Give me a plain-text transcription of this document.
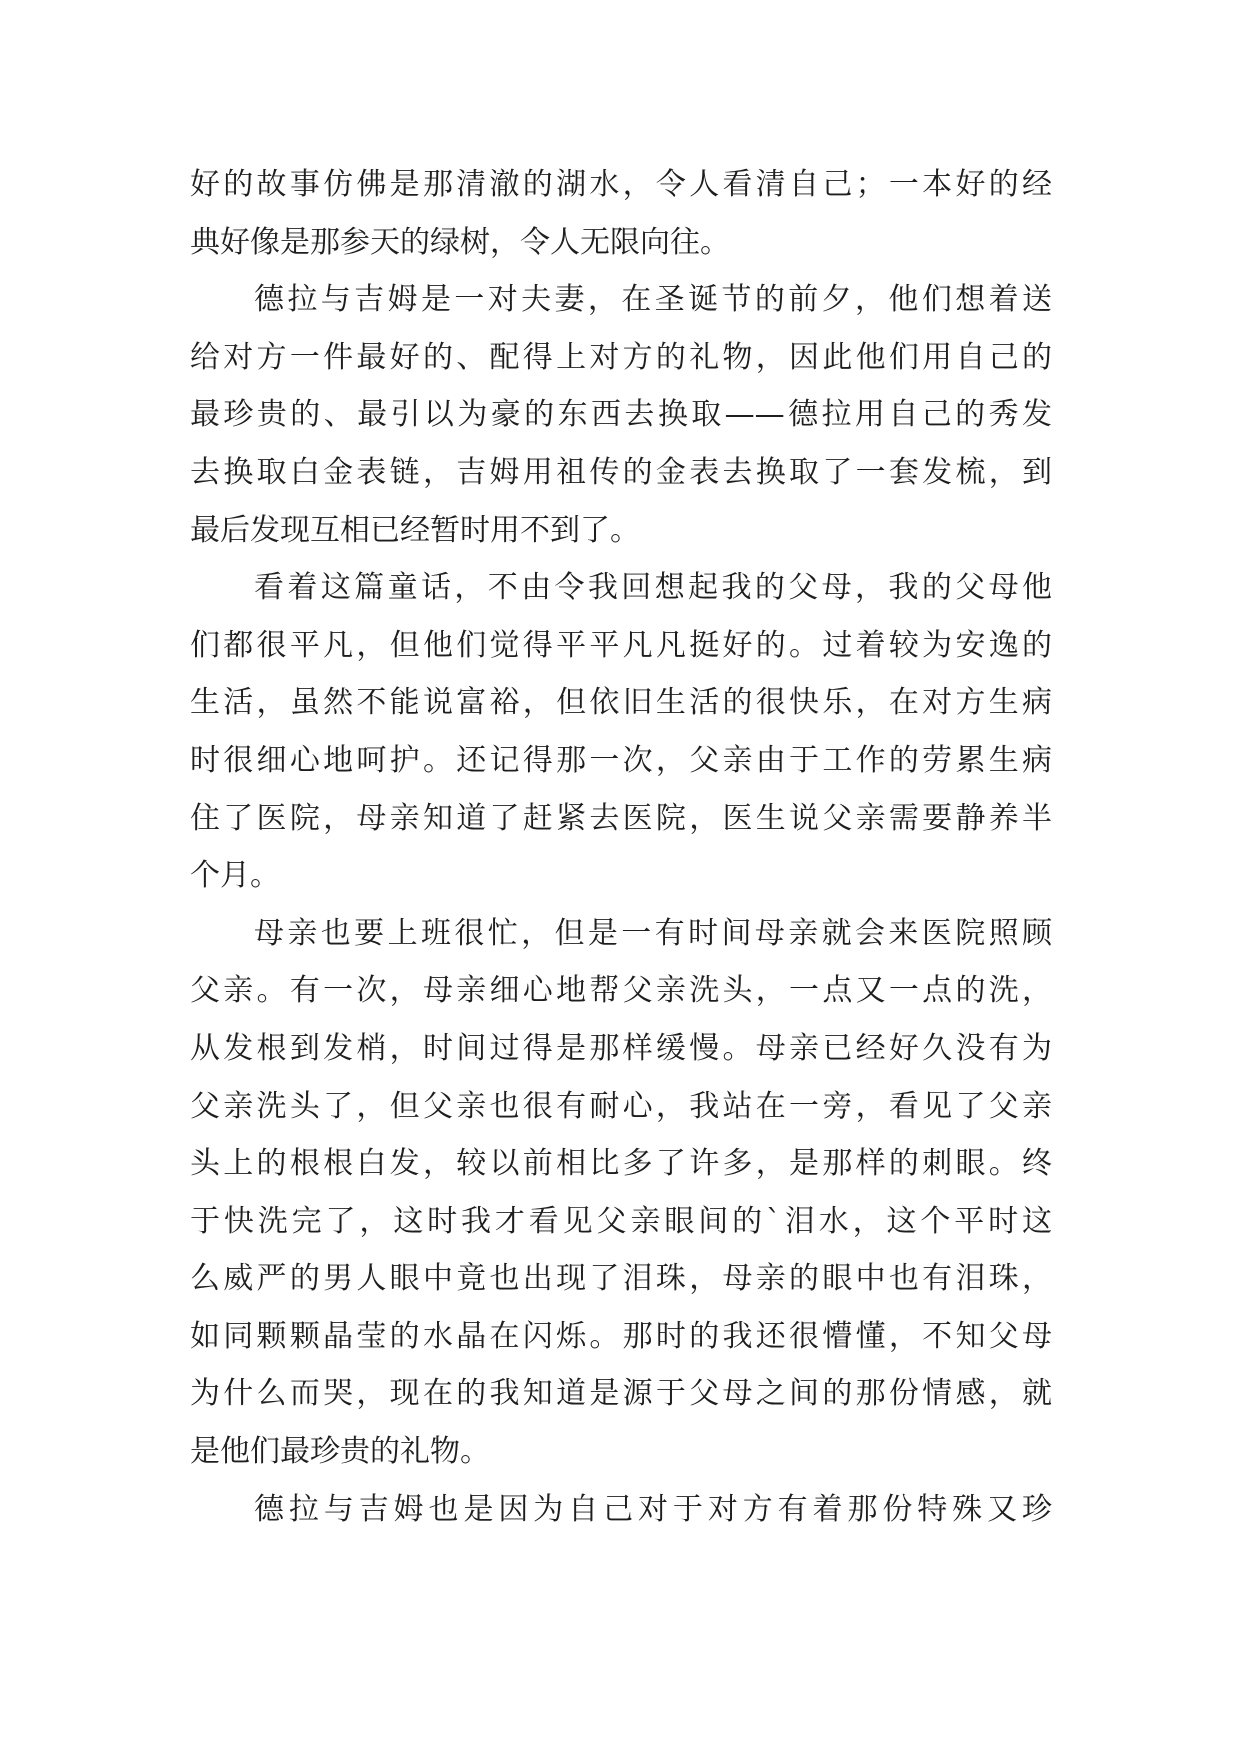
好的故事仿佛是那清澈的湖水，令人看清自己；一本好的经
典好像是那参天的绿树，令人无限向往。
德拉与吉姆是一对夫妻，在圣诞节的前夕，他们想着送
给对方一件最好的、配得上对方的礼物，因此他们用自己的
最珍贵的、最引以为豪的东西去换取——德拉用自己的秀发
去换取白金表链，吉姆用祖传的金表去换取了一套发梳，到
最后发现互相已经暂时用不到了。
看着这篇童话，不由令我回想起我的父母，我的父母他
们都很平凡，但他们觉得平平凡凡挺好的。过着较为安逸的
生活，虽然不能说富裕，但依旧生活的很快乐，在对方生病
时很细心地呵护。还记得那一次，父亲由于工作的劳累生病
住了医院，母亲知道了赶紧去医院，医生说父亲需要静养半
个月。
母亲也要上班很忙，但是一有时间母亲就会来医院照顾
父亲。有一次，母亲细心地帮父亲洗头，一点又一点的洗，
从发根到发梢，时间过得是那样缓慢。母亲已经好久没有为
父亲洗头了，但父亲也很有耐心，我站在一旁，看见了父亲
头上的根根白发，较以前相比多了许多，是那样的刺眼。终
于快洗完了，这时我才看见父亲眼间的`泪水，这个平时这
么威严的男人眼中竟也出现了泪珠，母亲的眼中也有泪珠，
如同颗颗晶莹的水晶在闪烁。那时的我还很懵懂，不知父母
为什么而哭，现在的我知道是源于父母之间的那份情感，就
是他们最珍贵的礼物。
德拉与吉姆也是因为自己对于对方有着那份特殊又珍
